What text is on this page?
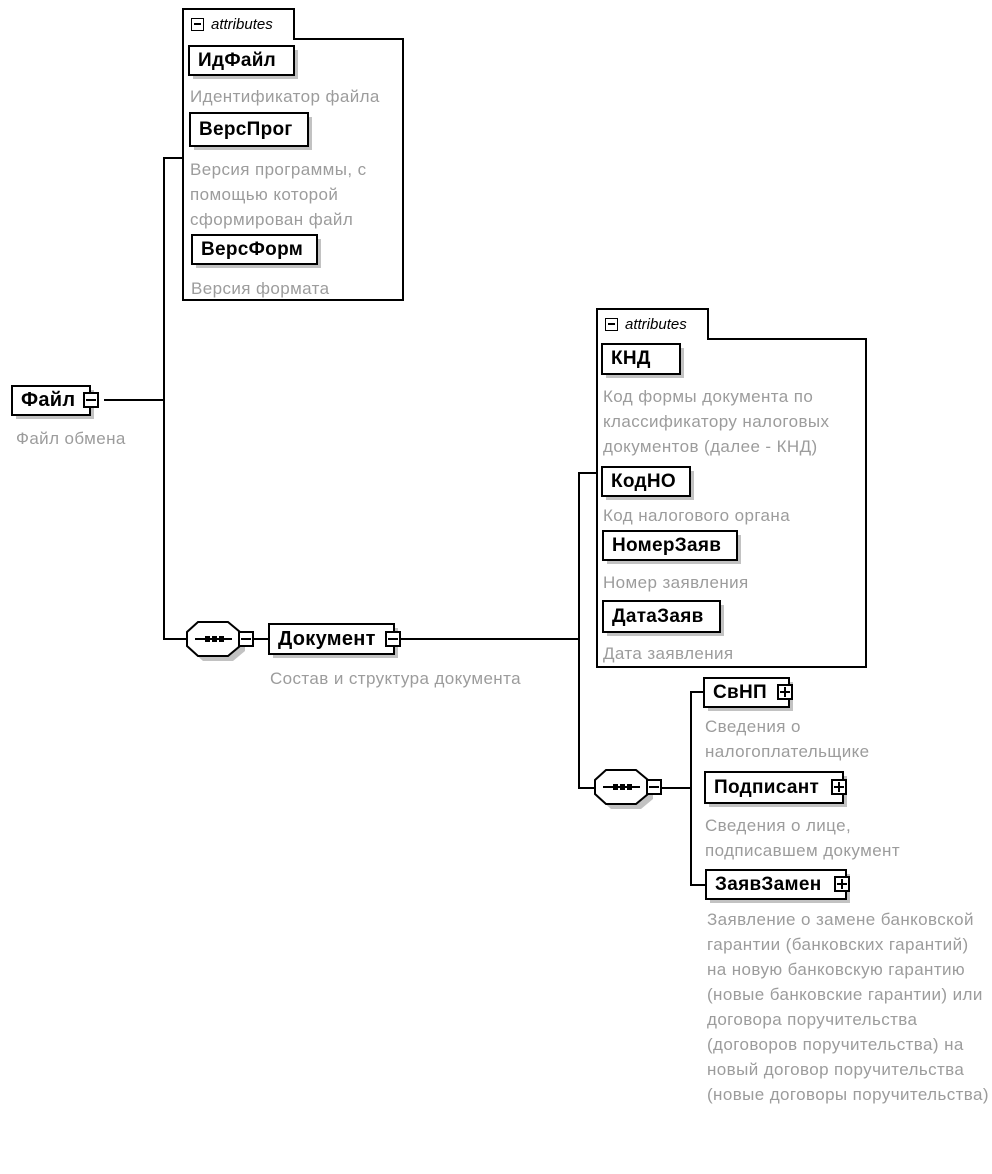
attributes
ИдФайл
Идентификатор файла
ВерсПрог
Версия программы, с помощью которой сформирован файл
ВерсФорм
Версия формата
attributes
КНД
Код формы документа по классификатору налоговых документов (далее - КНД)
КодНО
Код налогового органа
НомерЗаяв
Номер заявления
ДатаЗаяв
Дата заявления
Файл
Файл обмена
Документ
Состав и структура документа
СвНП
Сведения о налогоплательщике
Подписант
Сведения о лице, подписавшем документ
ЗаявЗамен
Заявление о замене банковской гарантии (банковских гарантий) на новую банковскую гарантию (новые банковские гарантии) или договора поручительства (договоров поручительства) на новый договор поручительства (новые договоры поручительства)
